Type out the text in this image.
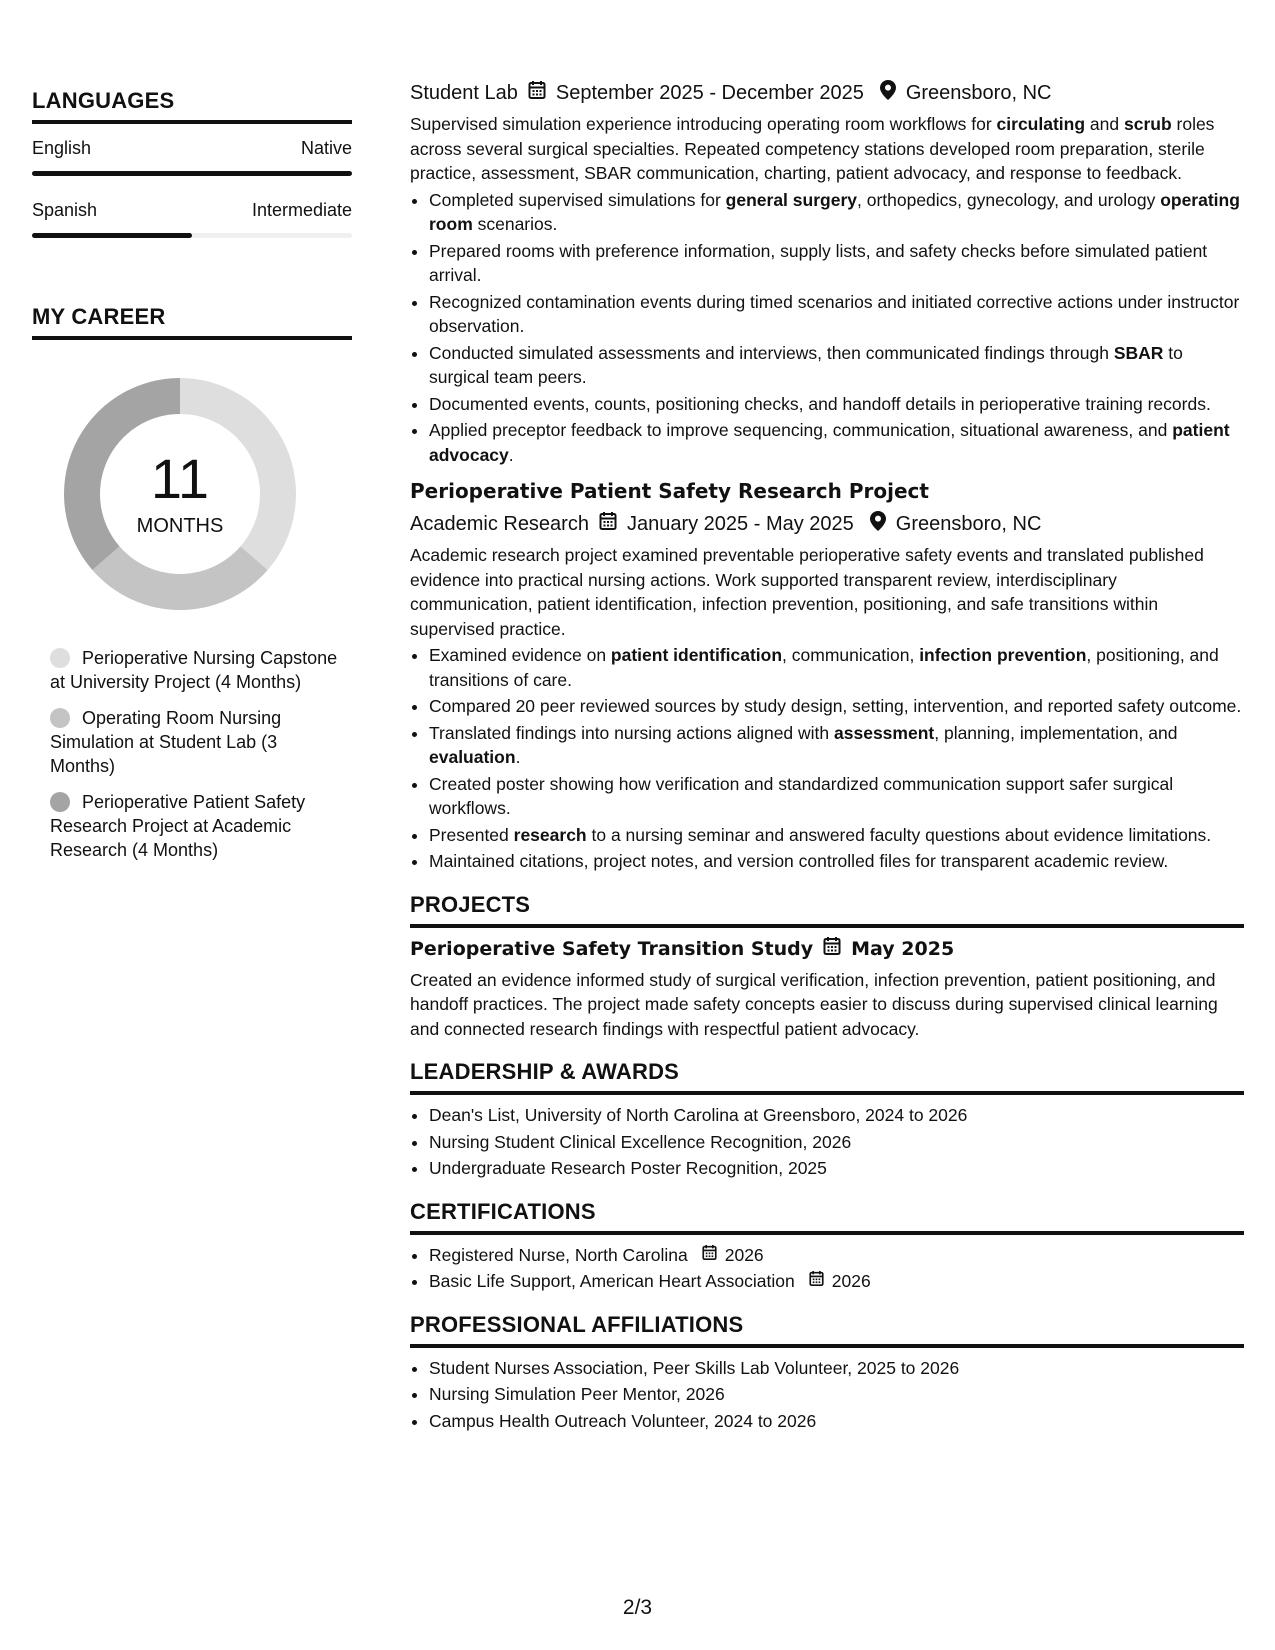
LANGUAGES
English	Native
Spanish	Intermediate
MY CAREER
11
MONTHS
Perioperative Nursing Capstone at University Project (4 Months)
Operating Room Nursing Simulation at Student Lab (3 Months)
Perioperative Patient Safety Research Project at Academic Research (4 Months)
Student Lab September 2025 - December 2025 Greensboro, NC

Supervised simulation experience introducing operating room workflows for circulating and scrub roles across several surgical specialties. Repeated competency stations developed room preparation, sterile practice, assessment, SBAR communication, charting, patient advocacy, and response to feedback.

• Completed supervised simulations for general surgery, orthopedics, gynecology, and urology operating room scenarios.
• Prepared rooms with preference information, supply lists, and safety checks before simulated patient arrival.
• Recognized contamination events during timed scenarios and initiated corrective actions under instructor observation.
• Conducted simulated assessments and interviews, then communicated findings through SBAR to surgical team peers.
• Documented events, counts, positioning checks, and handoff details in perioperative training records.
• Applied preceptor feedback to improve sequencing, communication, situational awareness, and patient advocacy.
Perioperative Patient Safety Research Project
Academic Research January 2025 - May 2025 Greensboro, NC

Academic research project examined preventable perioperative safety events and translated published evidence into practical nursing actions. Work supported transparent review, interdisciplinary communication, patient identification, infection prevention, positioning, and safe transitions within supervised practice.

• Examined evidence on patient identification, communication, infection prevention, positioning, and transitions of care.
• Compared 20 peer reviewed sources by study design, setting, intervention, and reported safety outcome.
• Translated findings into nursing actions aligned with assessment, planning, implementation, and evaluation.
• Created poster showing how verification and standardized communication support safer surgical workflows.
• Presented research to a nursing seminar and answered faculty questions about evidence limitations.
• Maintained citations, project notes, and version controlled files for transparent academic review.
PROJECTS
Perioperative Safety Transition Study May 2025

Created an evidence informed study of surgical verification, infection prevention, patient positioning, and handoff practices. The project made safety concepts easier to discuss during supervised clinical learning and connected research findings with respectful patient advocacy.

LEADERSHIP & AWARDS
• Dean's List, University of North Carolina at Greensboro, 2024 to 2026
• Nursing Student Clinical Excellence Recognition, 2026
• Undergraduate Research Poster Recognition, 2025
CERTIFICATIONS
• Registered Nurse, North Carolina 2026
• Basic Life Support, American Heart Association 2026
PROFESSIONAL AFFILIATIONS
• Student Nurses Association, Peer Skills Lab Volunteer, 2025 to 2026
• Nursing Simulation Peer Mentor, 2026
• Campus Health Outreach Volunteer, 2024 to 2026
2/3
